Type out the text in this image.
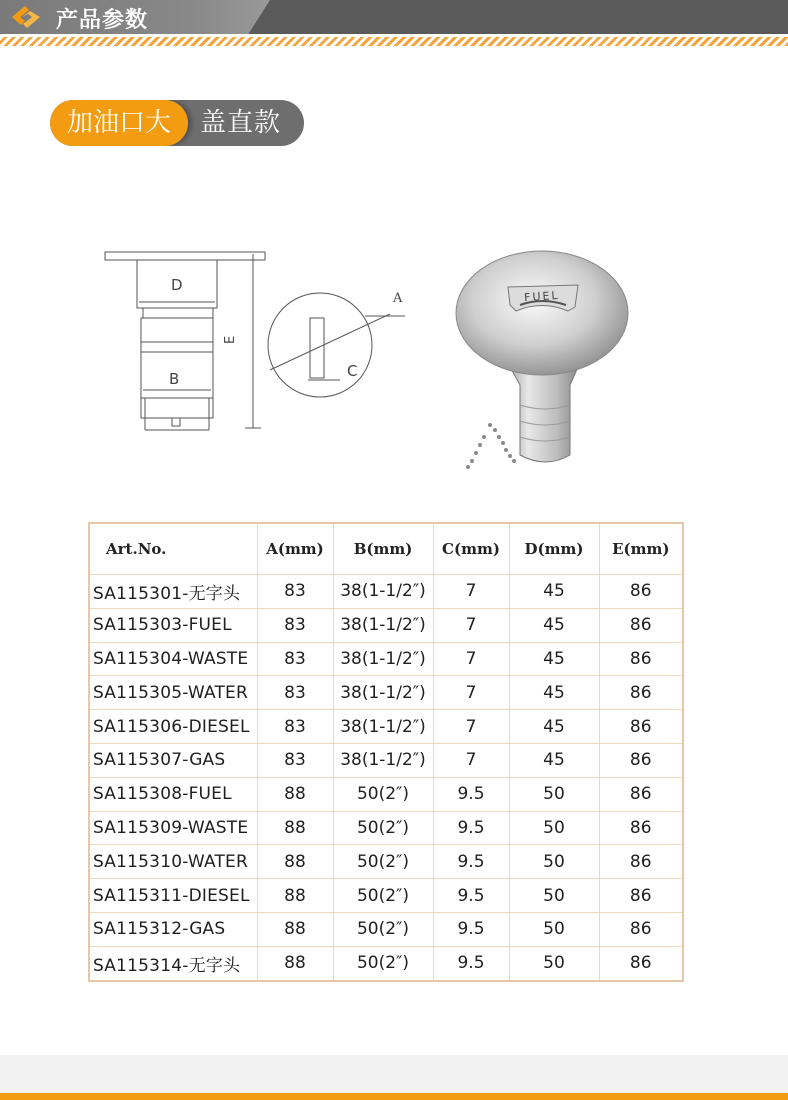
产品参数
盖直款
加油口大
D
B
E
A
C
FUEL
Art.No.	A(mm)	B(mm)	C(mm)	D(mm)	E(mm)
SA115301-无字头	83	38(1-1/2″)	7	45	86
SA115303-FUEL	83	38(1-1/2″)	7	45	86
SA115304-WASTE	83	38(1-1/2″)	7	45	86
SA115305-WATER	83	38(1-1/2″)	7	45	86
SA115306-DIESEL	83	38(1-1/2″)	7	45	86
SA115307-GAS	83	38(1-1/2″)	7	45	86
SA115308-FUEL	88	50(2″)	9.5	50	86
SA115309-WASTE	88	50(2″)	9.5	50	86
SA115310-WATER	88	50(2″)	9.5	50	86
SA115311-DIESEL	88	50(2″)	9.5	50	86
SA115312-GAS	88	50(2″)	9.5	50	86
SA115314-无字头	88	50(2″)	9.5	50	86
